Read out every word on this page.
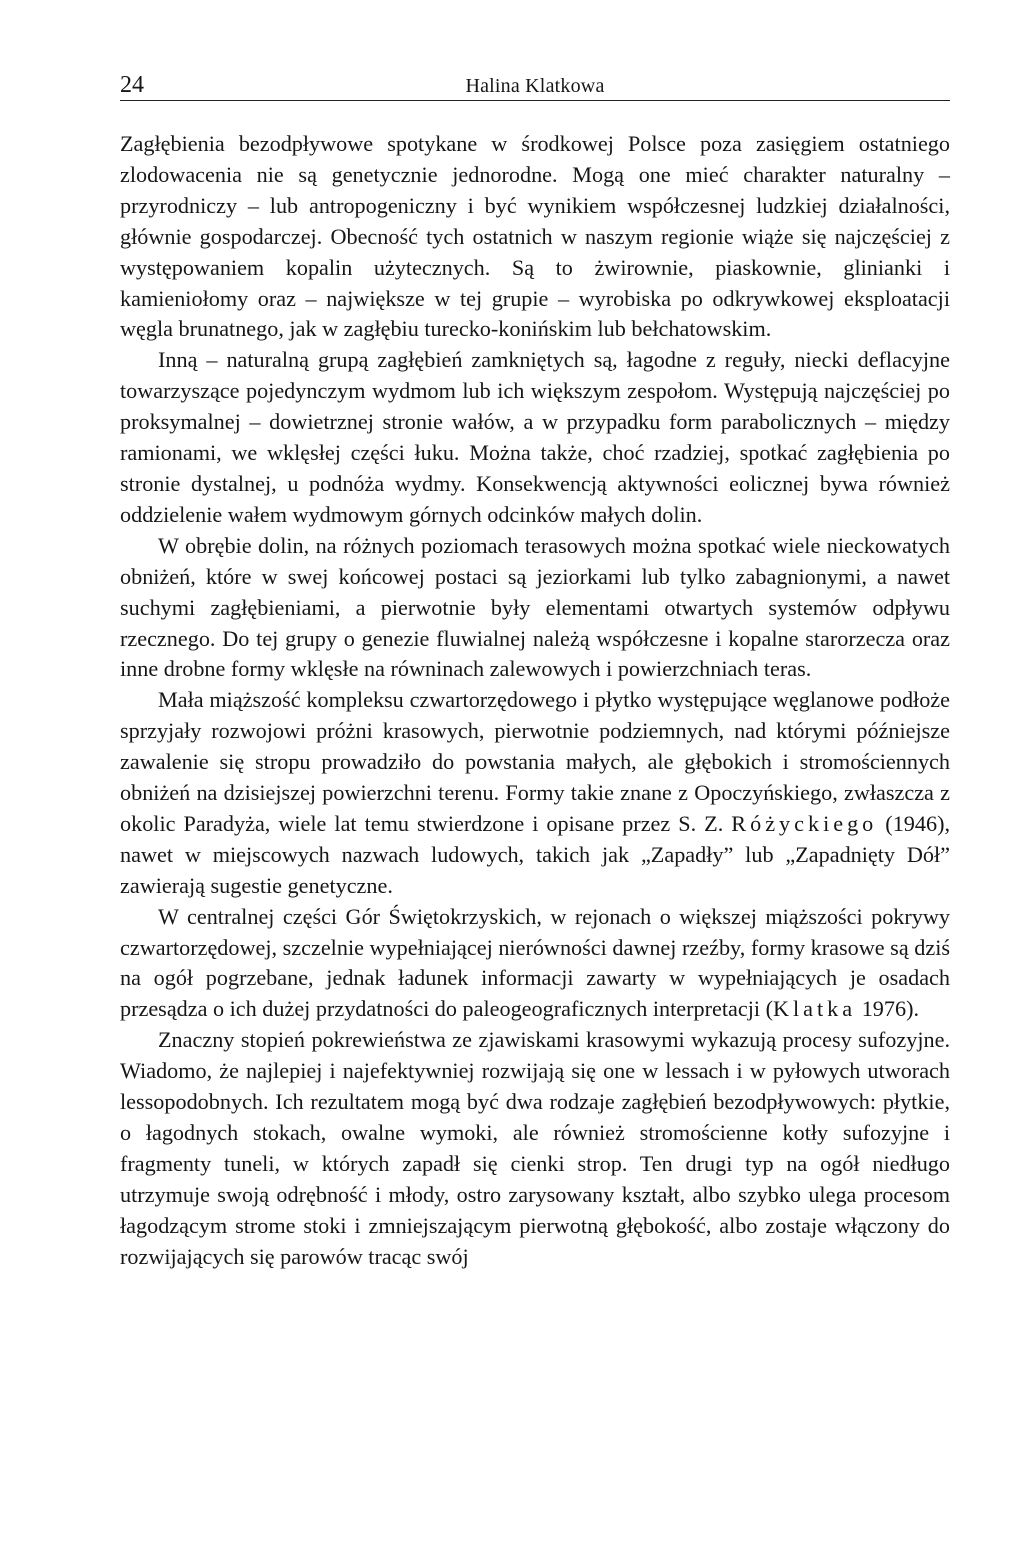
24	Halina Klatkowa

Zagłębienia bezodpływowe spotykane w środkowej Polsce poza zasięgiem ostatniego zlodowacenia nie są genetycznie jednorodne. Mogą one mieć charakter naturalny – przyrodniczy – lub antropogeniczny i być wynikiem współczesnej ludzkiej działalności, głównie gospodarczej. Obecność tych ostatnich w naszym regionie wiąże się najczęściej z występowaniem kopalin użytecznych. Są to żwirownie, piaskownie, glinianki i kamieniołomy oraz – największe w tej grupie – wyrobiska po odkrywkowej eksploatacji węgla brunatnego, jak w zagłębiu turecko-konińskim lub bełchatowskim.

Inną – naturalną grupą zagłębień zamkniętych są, łagodne z reguły, niecki deflacyjne towarzyszące pojedynczym wydmom lub ich większym zespołom. Występują najczęściej po proksymalnej – dowietrznej stronie wałów, a w przypadku form parabolicznych – między ramionami, we wklęsłej części łuku. Można także, choć rzadziej, spotkać zagłębienia po stronie dystalnej, u podnóża wydmy. Konsekwencją aktywności eolicznej bywa również oddzielenie wałem wydmowym górnych odcinków małych dolin.

W obrębie dolin, na różnych poziomach terasowych można spotkać wiele nieckowatych obniżeń, które w swej końcowej postaci są jeziorkami lub tylko zabagnionymi, a nawet suchymi zagłębieniami, a pierwotnie były elementami otwartych systemów odpływu rzecznego. Do tej grupy o genezie fluwialnej należą współczesne i kopalne starorzecza oraz inne drobne formy wklęsłe na równinach zalewowych i powierzchniach teras.

Mała miąższość kompleksu czwartorzędowego i płytko występujące węglanowe podłoże sprzyjały rozwojowi próżni krasowych, pierwotnie podziemnych, nad którymi późniejsze zawalenie się stropu prowadziło do powstania małych, ale głębokich i stromościennych obniżeń na dzisiejszej powierzchni terenu. Formy takie znane z Opoczyńskiego, zwłaszcza z okolic Paradyża, wiele lat temu stwierdzone i opisane przez S. Z. Różyckiego (1946), nawet w miejscowych nazwach ludowych, takich jak „Zapadły” lub „Zapadnięty Dół” zawierają sugestie genetyczne.

W centralnej części Gór Świętokrzyskich, w rejonach o większej miąższości pokrywy czwartorzędowej, szczelnie wypełniającej nierówności dawnej rzeźby, formy krasowe są dziś na ogół pogrzebane, jednak ładunek informacji zawarty w wypełniających je osadach przesądza o ich dużej przydatności do paleogeograficznych interpretacji (Klatka 1976).

Znaczny stopień pokrewieństwa ze zjawiskami krasowymi wykazują procesy sufozyjne. Wiadomo, że najlepiej i najefektywniej rozwijają się one w lessach i w pyłowych utworach lessopodobnych. Ich rezultatem mogą być dwa rodzaje zagłębień bezodpływowych: płytkie, o łagodnych stokach, owalne wymoki, ale również stromościenne kotły sufozyjne i fragmenty tuneli, w których zapadł się cienki strop. Ten drugi typ na ogół niedługo utrzymuje swoją odrębność i młody, ostro zarysowany kształt, albo szybko ulega procesom łagodzącym strome stoki i zmniejszającym pierwotną głębokość, albo zostaje włączony do rozwijających się parowów tracąc swój
